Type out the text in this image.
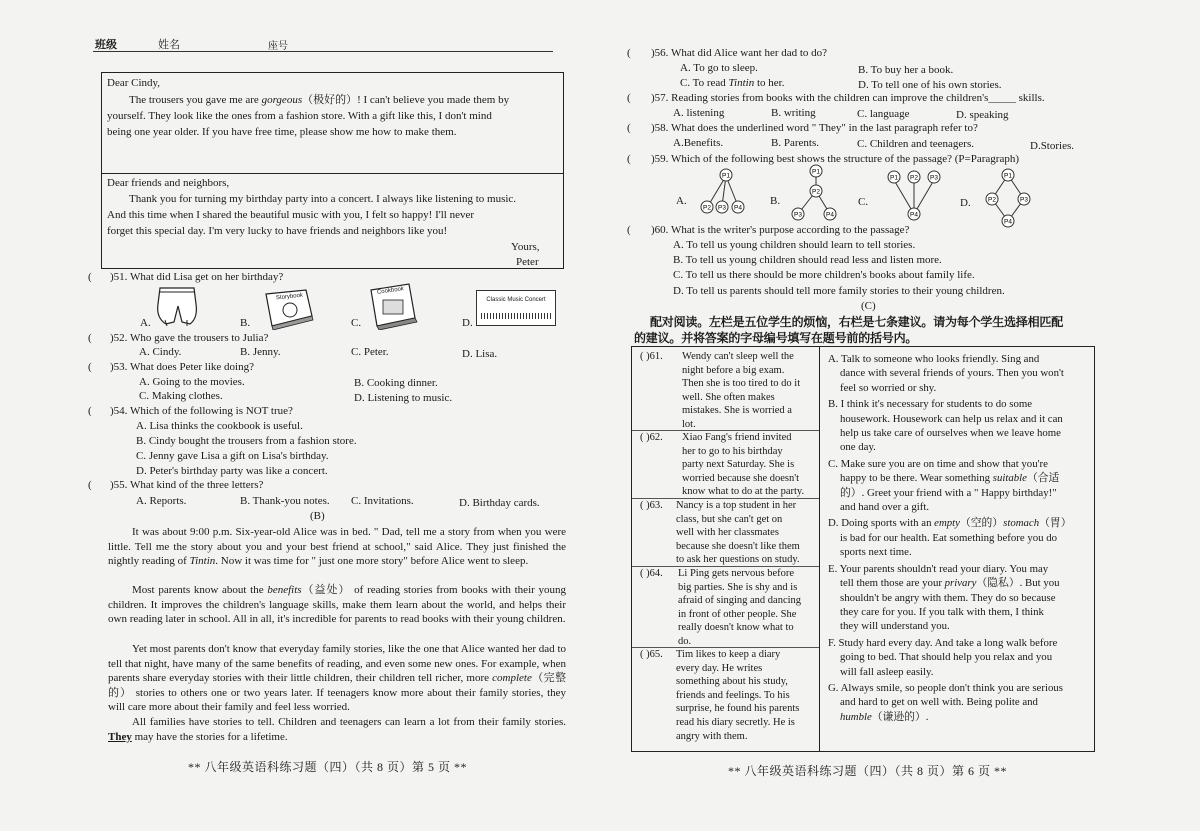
班级	姓名	座号
Dear Cindy,
The trousers you gave me are gorgeous（极好的）! I can't believe you made them by
yourself. They look like the ones from a fashion store. With a gift like this, I don't mind
being one year older. If you have free time, please show me how to make them.
Dear friends and neighbors,
Thank you for turning my birthday party into a concert. I always like listening to music.
And this time when I shared the beautiful music with you, I felt so happy! I'll never
forget this special day. I'm very lucky to have friends and neighbors like you!
Yours,
Peter
( )51. What did Lisa get on her birthday?
A.	B.
Storybook
C.
Cookbook
D.
Classic Music Concert
( )52. Who gave the trousers to Julia?
A. Cindy.	B. Jenny.	C. Peter.	D. Lisa.
( )53. What does Peter like doing?
A. Going to the movies.	B. Cooking dinner.
C. Making clothes.	D. Listening to music.
( )54. Which of the following is NOT true?
A. Lisa thinks the cookbook is useful.
B. Cindy bought the trousers from a fashion store.
C. Jenny gave Lisa a gift on Lisa's birthday.
D. Peter's birthday party was like a concert.
( )55. What kind of the three letters?
A. Reports.	B. Thank-you notes. C. Invitations.	D. Birthday cards.
(B)
It was about 9:00 p.m. Six-year-old Alice was in bed. " Dad, tell me a story from when you were little. Tell me the story about you and your best friend at school," said Alice. They just finished the nightly reading of Tintin. Now it was time for " just one more story" before Alice went to sleep.
Most parents know about the benefits（益处） of reading stories from books with their young children. It improves the children's language skills, make them learn about the world, and helps their own reading later in school. All in all, it's incredible for parents to read books with their young children.
Yet most parents don't know that everyday family stories, like the one that Alice wanted her dad to tell that night, have many of the same benefits of reading, and even some new ones. For example, when parents share everyday stories with their little children, their children tell richer, more complete（完整的） stories to others one or two years later. If teenagers know more about their family stories, they will care more about their family and feel less worried.
All families have stories to tell. Children and teenagers can learn a lot from their family stories. They may have the stories for a lifetime.
** 八年级英语科练习题（四）（共 8 页）第 5 页 **
( )56. What did Alice want her dad to do?
A. To go to sleep.	B. To buy her a book.
C. To read Tintin to her.	D. To tell one of his own stories.
( )57. Reading stories from books with the children can improve the children's_____ skills.
A. listening	B. writing	C. language	D. speaking
( )58. What does the underlined word " They" in the last paragraph refer to?
A.Benefits.	B. Parents.	C. Children and teenagers.	D.Stories.
( )59. Which of the following best shows the structure of the passage? (P=Paragraph)
A.
P1
P2 P3 P4
B.
P1
P2
P3	P4
C.
P1 P2 P3
P4
D.
P1
P2	P3
P4
( )60. What is the writer's purpose according to the passage?
A. To tell us young children should learn to tell stories.
B. To tell us young children should read less and listen more.
C. To tell us there should be more children's books about family life.
D. To tell us parents should tell more family stories to their young children.
(C)
配对阅读。左栏是五位学生的烦恼，右栏是七条建议。请为每个学生选择相匹配
的建议。并将答案的字母编号填写在题号前的括号内。
( )61. Wendy can't sleep well the
night before a big exam.
Then she is too tired to do it
well. She often makes
mistakes. She is worried a
lot.
( )62. Xiao Fang's friend invited
her to go to his birthday
party next Saturday. She is
worried because she doesn't
know what to do at the party.
( )63. Nancy is a top student in her
class, but she can't get on
well with her classmates
because she doesn't like them
to ask her questions on study.
( )64. Li Ping gets nervous before
big parties. She is shy and is
afraid of singing and dancing
in front of other people. She
really doesn't know what to
do.
( )65. Tim likes to keep a diary
every day. He writes
something about his study,
friends and feelings. To his
surprise, he found his parents
read his diary secretly. He is
angry with them.
A. Talk to someone who looks friendly. Sing and
dance with several friends of yours. Then you won't
feel so worried or shy.
B. I think it's necessary for students to do some
housework. Housework can help us relax and it can
help us take care of ourselves when we leave home
one day.
C. Make sure you are on time and show that you're
happy to be there. Wear something suitable（合适
的）. Greet your friend with a " Happy birthday!"
and hand over a gift.
D. Doing sports with an empty（空的）stomach（胃）
is bad for our health. Eat something before you do
sports next time.
E. Your parents shouldn't read your diary. You may
tell them those are your privary（隐私）. But you
shouldn't be angry with them. They do so because
they care for you. If you talk with them, I think
they will understand you.
F. Study hard every day. And take a long walk before
going to bed. That should help you relax and you
will fall asleep easily.
G. Always smile, so people don't think you are serious
and hard to get on well with. Being polite and
humble（谦逊的）.
** 八年级英语科练习题（四）（共 8 页）第 6 页 **
